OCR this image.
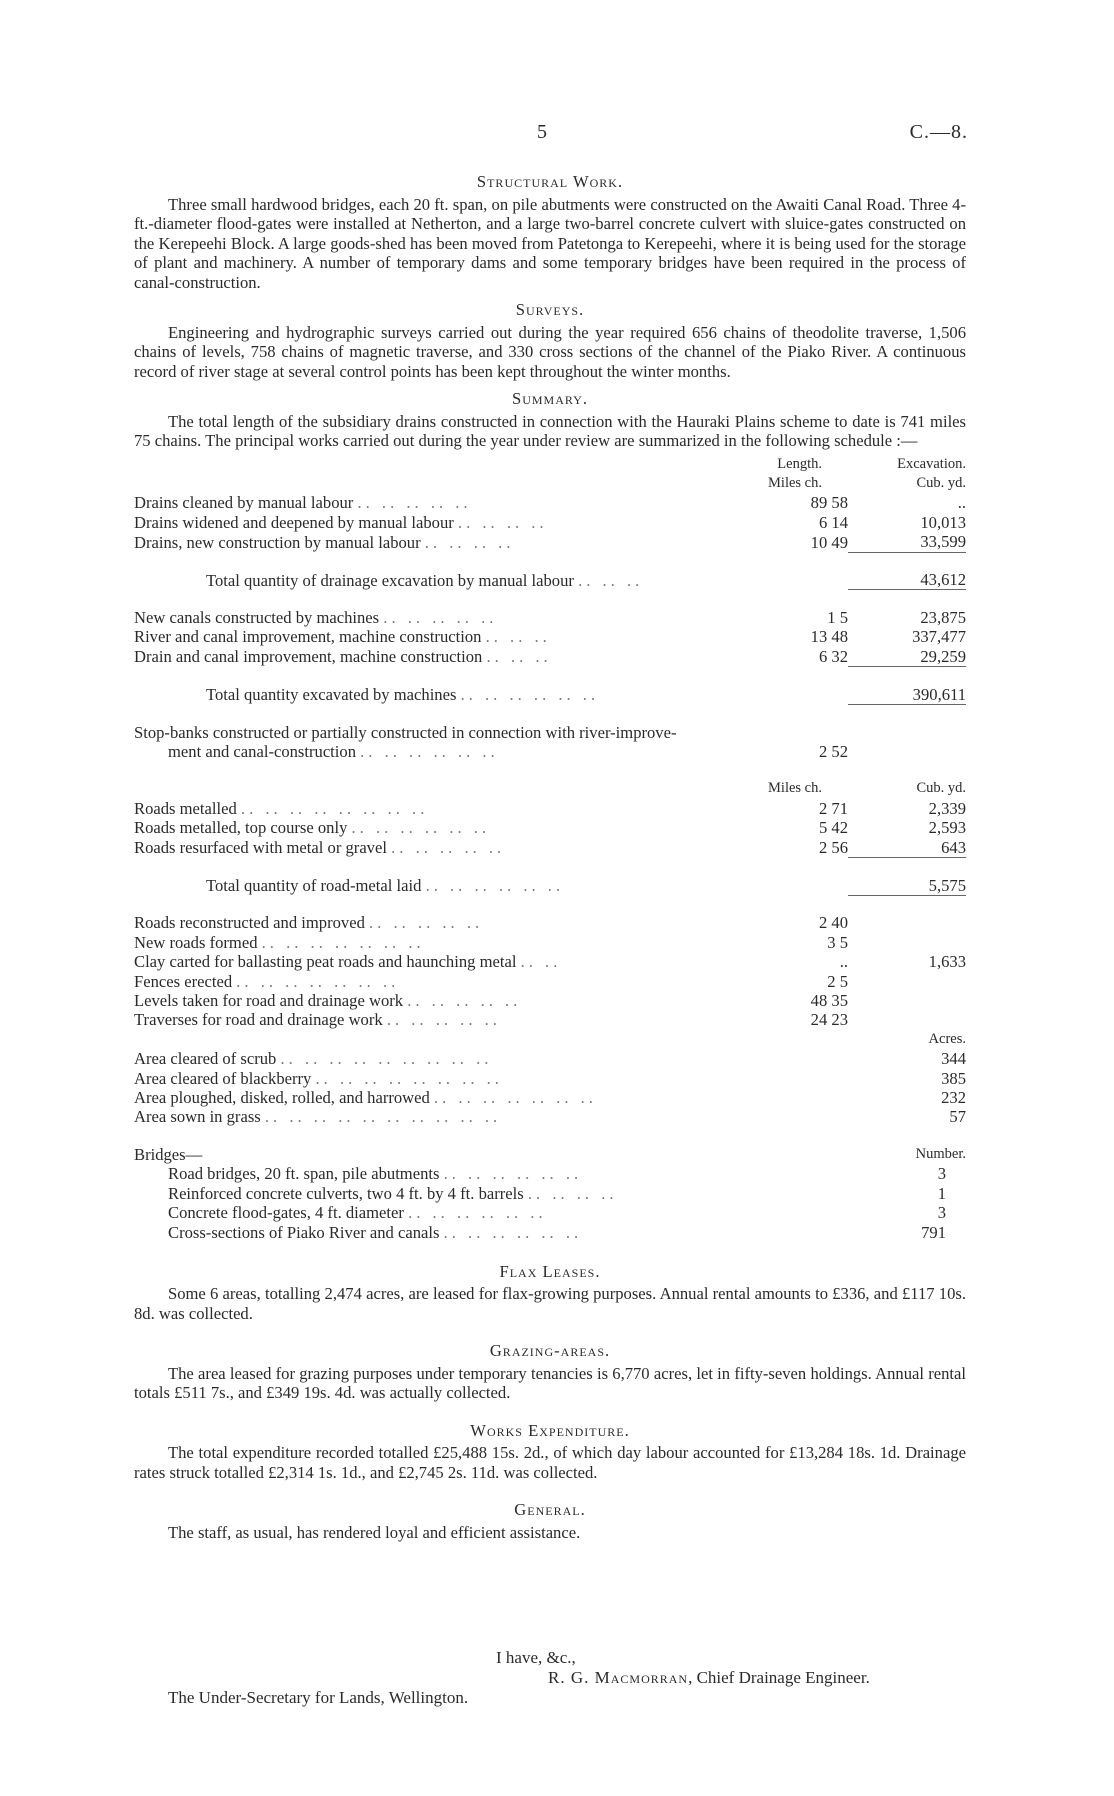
5	C.—8.
Structural Work.

Three small hardwood bridges, each 20 ft. span, on pile abutments were constructed on the Awaiti Canal Road. Three 4-ft.-diameter flood-gates were installed at Netherton, and a large two-barrel concrete culvert with sluice-gates constructed on the Kerepeehi Block. A large goods-shed has been moved from Patetonga to Kerepeehi, where it is being used for the storage of plant and machinery. A number of temporary dams and some temporary bridges have been required in the process of canal-construction.

Surveys.

Engineering and hydrographic surveys carried out during the year required 656 chains of theodolite traverse, 1,506 chains of levels, 758 chains of magnetic traverse, and 330 cross sections of the channel of the Piako River. A continuous record of river stage at several control points has been kept throughout the winter months.

Summary.

The total length of the subsidiary drains constructed in connection with the Hauraki Plains scheme to date is 741 miles 75 chains. The principal works carried out during the year under review are summarized in the following schedule :—

	Length.
Miles ch.	Excavation.
Cub. yd.
Drains cleaned by manual labour .. .. .. .. ..	89 58	..
Drains widened and deepened by manual labour .. .. .. ..	6 14	10,013
Drains, new construction by manual labour .. .. .. ..	10 49	33,599

Total quantity of drainage excavation by manual labour .. .. ..		43,612

New canals constructed by machines .. .. .. .. ..	1 5	23,875
River and canal improvement, machine construction .. .. ..	13 48	337,477
Drain and canal improvement, machine construction .. .. ..	6 32	29,259

Total quantity excavated by machines .. .. .. .. .. ..		390,611

Stop-banks constructed or partially constructed in connection with river-improve-		
ment and canal-construction .. .. .. .. .. ..	2 52	

	Miles ch.	Cub. yd.
Roads metalled .. .. .. .. .. .. .. ..	2 71	2,339
Roads metalled, top course only .. .. .. .. .. ..	5 42	2,593
Roads resurfaced with metal or gravel .. .. .. .. ..	2 56	643

Total quantity of road-metal laid .. .. .. .. .. ..		5,575

Roads reconstructed and improved .. .. .. .. ..	2 40	
New roads formed .. .. .. .. .. .. ..	3 5	
Clay carted for ballasting peat roads and haunching metal .. ..	..	1,633
Fences erected .. .. .. .. .. .. ..	2 5	
Levels taken for road and drainage work .. .. .. .. ..	48 35	
Traverses for road and drainage work .. .. .. .. ..	24 23	
		Acres.
Area cleared of scrub .. .. .. .. .. .. .. .. ..		344
Area cleared of blackberry .. .. .. .. .. .. .. ..		385
Area ploughed, disked, rolled, and harrowed .. .. .. .. .. .. ..		232
Area sown in grass .. .. .. .. .. .. .. .. .. ..		57

Bridges—		Number.
Road bridges, 20 ft. span, pile abutments .. .. .. .. .. ..		3
Reinforced concrete culverts, two 4 ft. by 4 ft. barrels .. .. .. ..		1
Concrete flood-gates, 4 ft. diameter .. .. .. .. .. ..		3
Cross-sections of Piako River and canals .. .. .. .. .. ..		791
Flax Leases.

Some 6 areas, totalling 2,474 acres, are leased for flax-growing purposes. Annual rental amounts to £336, and £117 10s. 8d. was collected.

Grazing-areas.

The area leased for grazing purposes under temporary tenancies is 6,770 acres, let in fifty-seven holdings. Annual rental totals £511 7s., and £349 19s. 4d. was actually collected.

Works Expenditure.

The total expenditure recorded totalled £25,488 15s. 2d., of which day labour accounted for £13,284 18s. 1d. Drainage rates struck totalled £2,314 1s. 1d., and £2,745 2s. 11d. was collected.

General.

The staff, as usual, has rendered loyal and efficient assistance.

I have, &c.,
R. G. Macmorran, Chief Drainage Engineer.
The Under-Secretary for Lands, Wellington.
